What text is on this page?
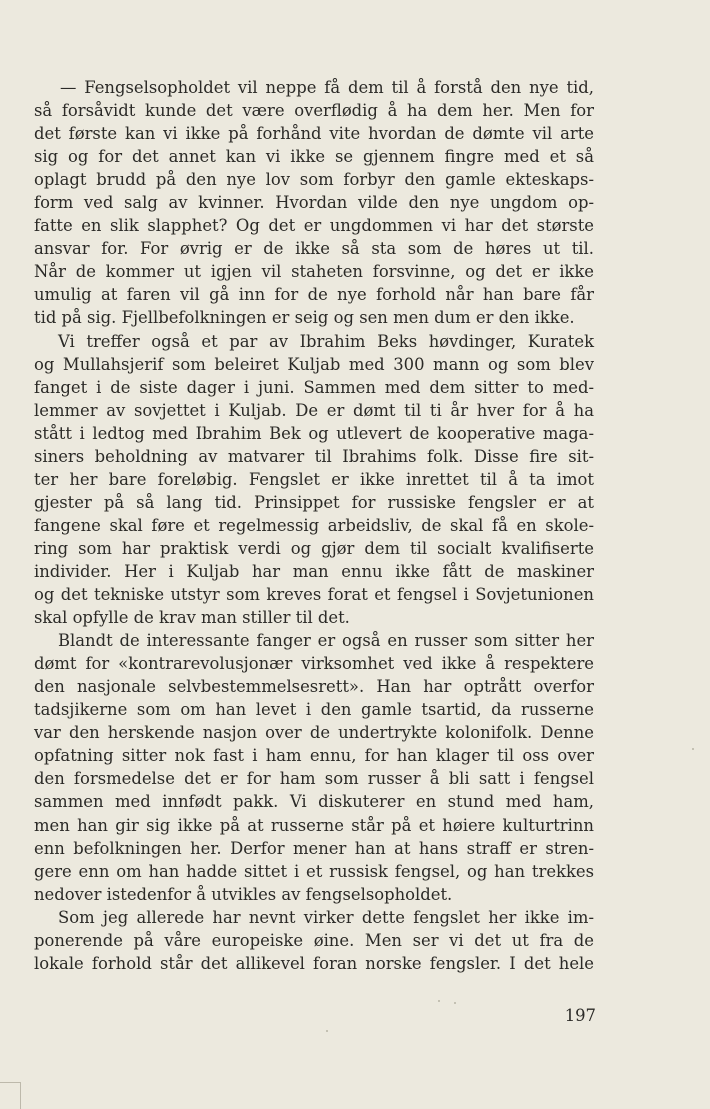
— Fengselsopholdet vil neppe få dem til å forstå den nye tid,
så forsåvidt kunde det være overflødig å ha dem her. Men for
det første kan vi ikke på forhånd vite hvordan de dømte vil arte
sig og for det annet kan vi ikke se gjennem fingre med et så
oplagt brudd på den nye lov som forbyr den gamle ekteskaps-
form ved salg av kvinner. Hvordan vilde den nye ungdom op-
fatte en slik slapphet? Og det er ungdommen vi har det største
ansvar for. For øvrig er de ikke så sta som de høres ut til.
Når de kommer ut igjen vil staheten forsvinne, og det er ikke
umulig at faren vil gå inn for de nye forhold når han bare får
tid på sig. Fjellbefolkningen er seig og sen men dum er den ikke.
Vi treffer også et par av Ibrahim Beks høvdinger, Kuratek
og Mullahsjerif som beleiret Kuljab med 300 mann og som blev
fanget i de siste dager i juni. Sammen med dem sitter to med-
lemmer av sovjettet i Kuljab. De er dømt til ti år hver for å ha
stått i ledtog med Ibrahim Bek og utlevert de kooperative maga-
siners beholdning av matvarer til Ibrahims folk. Disse fire sit-
ter her bare foreløbig. Fengslet er ikke inrettet til å ta imot
gjester på så lang tid. Prinsippet for russiske fengsler er at
fangene skal føre et regelmessig arbeidsliv, de skal få en skole-
ring som har praktisk verdi og gjør dem til socialt kvalifiserte
individer. Her i Kuljab har man ennu ikke fått de maskiner
og det tekniske utstyr som kreves forat et fengsel i Sovjetunionen
skal opfylle de krav man stiller til det.
Blandt de interessante fanger er også en russer som sitter her
dømt for «kontrarevolusjonær virksomhet ved ikke å respektere
den nasjonale selvbestemmelsesrett». Han har optrått overfor
tadsjikerne som om han levet i den gamle tsartid, da russerne
var den herskende nasjon over de undertrykte kolonifolk. Denne
opfatning sitter nok fast i ham ennu, for han klager til oss over
den forsmedelse det er for ham som russer å bli satt i fengsel
sammen med innfødt pakk. Vi diskuterer en stund med ham,
men han gir sig ikke på at russerne står på et høiere kulturtrinn
enn befolkningen her. Derfor mener han at hans straff er stren-
gere enn om han hadde sittet i et russisk fengsel, og han trekkes
nedover istedenfor å utvikles av fengselsopholdet.
Som jeg allerede har nevnt virker dette fengslet her ikke im-
ponerende på våre europeiske øine. Men ser vi det ut fra de
lokale forhold står det allikevel foran norske fengsler. I det hele
197
